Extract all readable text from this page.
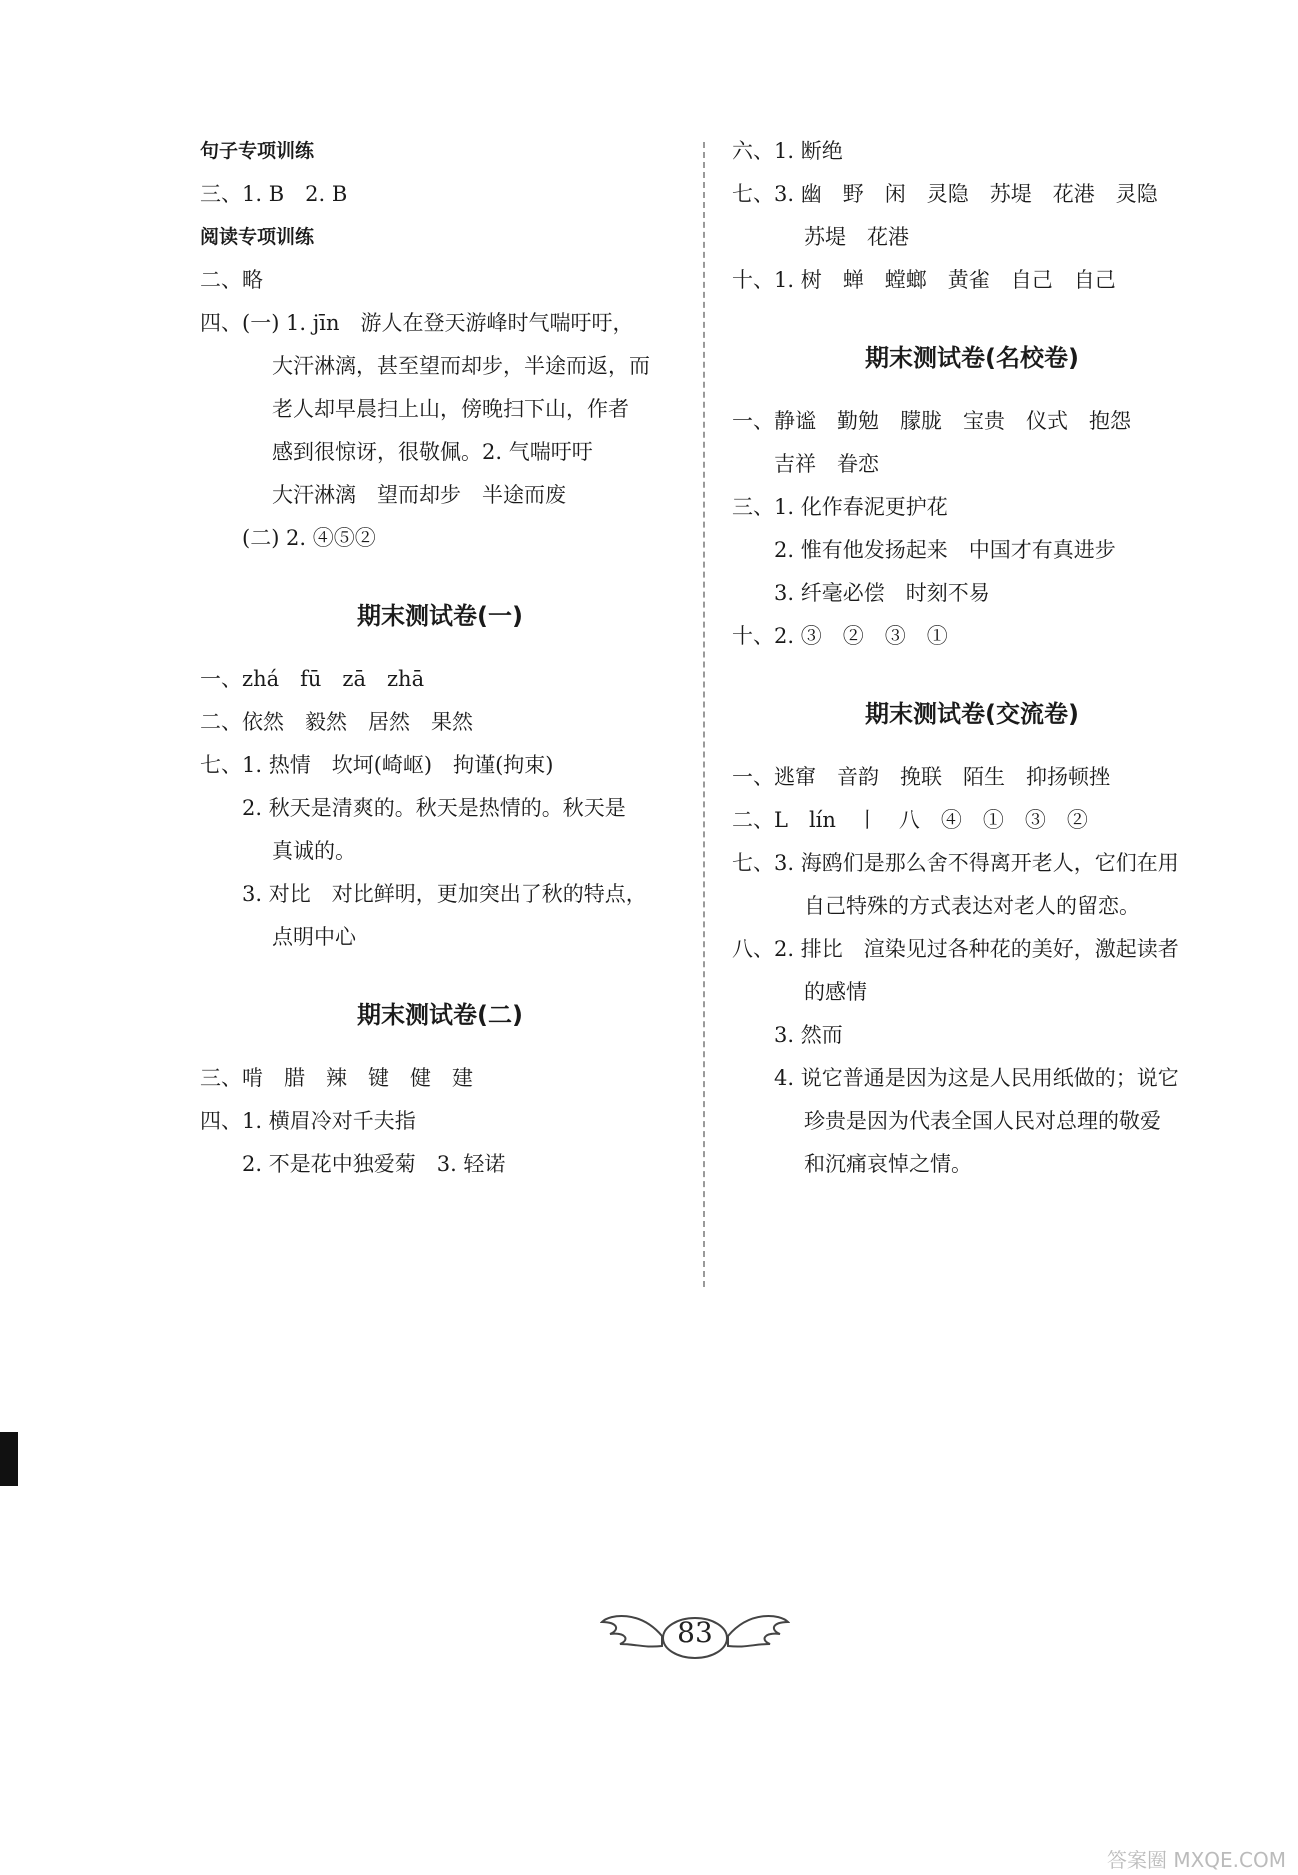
句子专项训练
三、1. B　2. B
阅读专项训练
二、略
四、(一) 1. jīn　游人在登天游峰时气喘吁吁，
大汗淋漓，甚至望而却步，半途而返，而
老人却早晨扫上山，傍晚扫下山，作者
感到很惊讶，很敬佩。2. 气喘吁吁
大汗淋漓　望而却步　半途而废
(二) 2. ④⑤②
期末测试卷(一)
一、zhá　fū　zā　zhā
二、依然　毅然　居然　果然
七、1. 热情　坎坷(崎岖)　拘谨(拘束)
2. 秋天是清爽的。秋天是热情的。秋天是
真诚的。
3. 对比　对比鲜明，更加突出了秋的特点，
点明中心
期末测试卷(二)
三、啃　腊　辣　键　健　建
四、1. 横眉冷对千夫指
2. 不是花中独爱菊　3. 轻诺
六、1. 断绝
七、3. 幽　野　闲　灵隐　苏堤　花港　灵隐
苏堤　花港
十、1. 树　蝉　螳螂　黄雀　自己　自己
期末测试卷(名校卷)
一、静谧　勤勉　朦胧　宝贵　仪式　抱怨
吉祥　眷恋
三、1. 化作春泥更护花
2. 惟有他发扬起来　中国才有真进步
3. 纤毫必偿　时刻不易
十、2. ③　②　③　①
期末测试卷(交流卷)
一、逃窜　音韵　挽联　陌生　抑扬顿挫
二、L　lín　丨　八　④　①　③　②
七、3. 海鸥们是那么舍不得离开老人，它们在用
自己特殊的方式表达对老人的留恋。
八、2. 排比　渲染见过各种花的美好，激起读者
的感情
3. 然而
4. 说它普通是因为这是人民用纸做的；说它
珍贵是因为代表全国人民对总理的敬爱
和沉痛哀悼之情。
83
答案圈 MXQE.COM
